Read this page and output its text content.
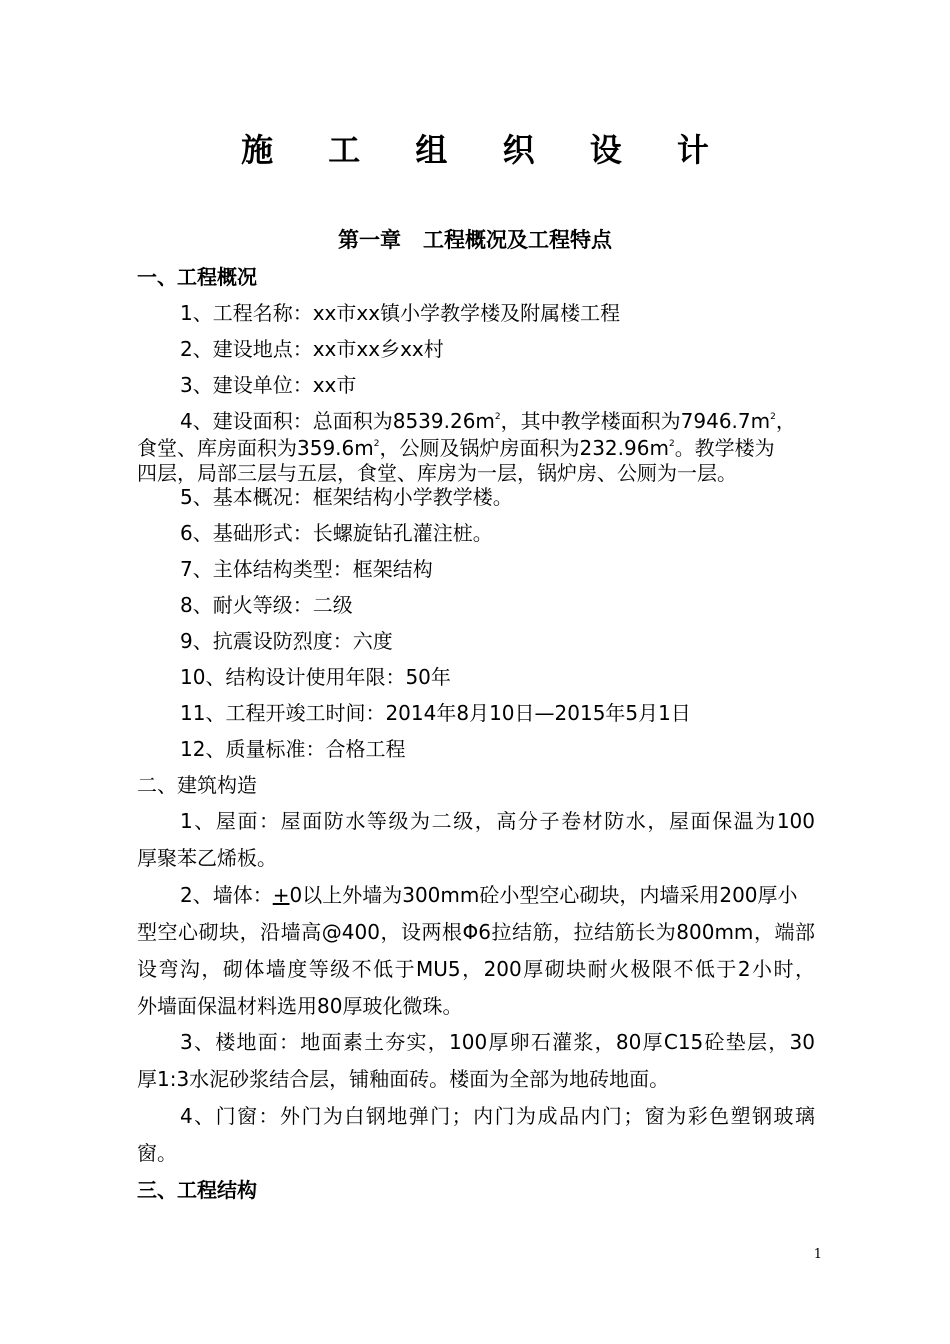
施 工 组 织 设 计
第一章   工程概况及工程特点
一、工程概况
1、工程名称：xx市xx镇小学教学楼及附属楼工程
2、建设地点：xx市xx乡xx村
3、建设单位：xx市
4、建设面积：总面积为$8539.26m^2$，其中教学楼面积为$7946.7m^2$，
食堂、库房面积为$359.6m^2$，公厕及锅炉房面积为$232.96m^2$。教学楼为
四层，局部三层与五层，食堂、库房为一层，锅炉房、公厕为一层。
5、基本概况：框架结构小学教学楼。
6、基础形式：长螺旋钻孔灌注桩。
7、主体结构类型：框架结构
8、耐火等级：二级
9、抗震设防烈度：六度
10、结构设计使用年限：50年
11、工程开竣工时间：2014年8月10日—2015年5月1日
12、质量标准：合格工程
二、建筑构造
1、屋面：屋面防水等级为二级，高分子卷材防水，屋面保温为100
厚聚苯乙烯板。
2、墙体：+0以上外墙为300mm砼小型空心砌块，内墙采用200厚小
型空心砌块，沿墙高@400，设两根Φ6拉结筋，拉结筋长为800mm，端部
设弯沟，砌体墙度等级不低于MU5，200厚砌块耐火极限不低于2小时，
外墙面保温材料选用80厚玻化微珠。
3、楼地面：地面素土夯实，100厚卵石灌浆，80厚C15砼垫层，30
厚1:3水泥砂浆结合层，铺釉面砖。楼面为全部为地砖地面。
4、门窗：外门为白钢地弹门；内门为成品内门；窗为彩色塑钢玻璃
窗。
三、工程结构
1
